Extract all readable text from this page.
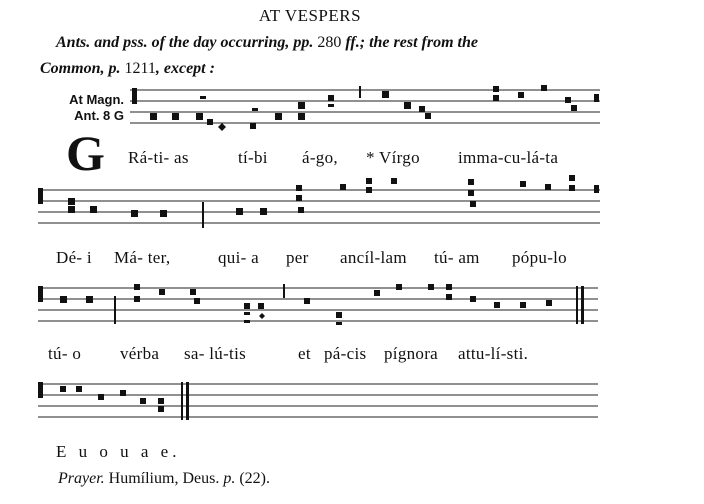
AT VESPERS
Ants. and pss. of the day occurring, pp. 280 ff.; the rest from the
Common, p. 1211, except :
At Magn.
Ant. 8 G
G Rá-ti- as	tí-bi á-go, * Vírgo imma-cu-lá-ta
Dé- i Má- ter,	qui- a per ancíl-lam tú- am pópu-lo
tú- o vérba sa- lú-tis	et pá-cis pígnora attu-lí-sti.
E u o u a e.
Prayer. Humílium, Deus. p. (22).
